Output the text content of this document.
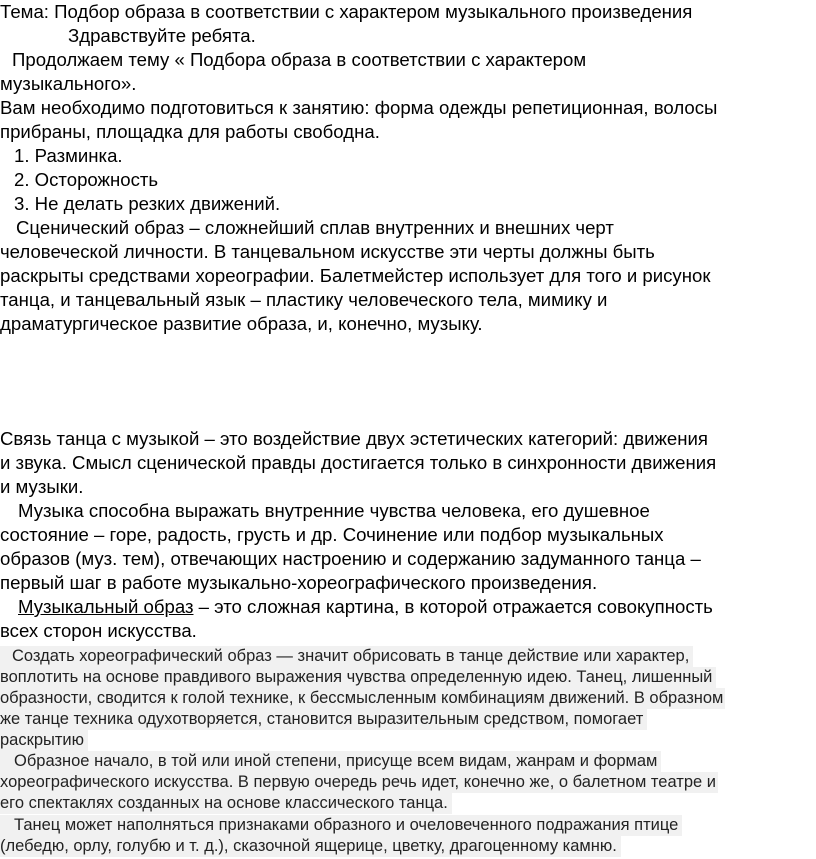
Тема: Подбор образа в соответствии с характером музыкального произведения
Здравствуйте ребята.
Продолжаем тему « Подбора образа в соответствии с характером
музыкального».
Вам необходимо подготовиться к занятию: форма одежды репетиционная, волосы
прибраны, площадка для работы свободна.
1. Разминка.
2. Осторожность
3. Не делать резких движений.
Сценический образ – сложнейший сплав внутренних и внешних черт
человеческой личности. В танцевальном искусстве эти черты должны быть
раскрыты средствами хореографии. Балетмейстер использует для того и рисунок
танца, и танцевальный язык – пластику человеческого тела, мимику и
драматургическое развитие образа, и, конечно, музыку.
Связь танца с музыкой – это воздействие двух эстетических категорий: движения
и звука. Смысл сценической правды достигается только в синхронности движения
и музыки.
Музыка способна выражать внутренние чувства человека, его душевное
состояние – горе, радость, грусть и др. Сочинение или подбор музыкальных
образов (муз. тем), отвечающих настроению и содержанию задуманного танца –
первый шаг в работе музыкально-хореографического произведения.
Музыкальный образ – это сложная картина, в которой отражается совокупность
всех сторон искусства.
Создать хореографический образ — значит обрисовать в танце действие или характер,
воплотить на основе правдивого выражения чувства определенную идею. Танец, лишенный
образности, сводится к голой технике, к бессмысленным комбинациям движений. В образном
же танце техника одухотворяется, становится выразительным средством, помогает
раскрытию
Образное начало, в той или иной степени, присуще всем видам, жанрам и формам
хореографического искусства. В первую очередь речь идет, конечно же, о балетном театре и
его спектаклях созданных на основе классического танца.
Танец может наполняться признаками образного и очеловеченного подражания птице
(лебедю, орлу, голубю и т. д.), сказочной ящерице, цветку, драгоценному камню.
